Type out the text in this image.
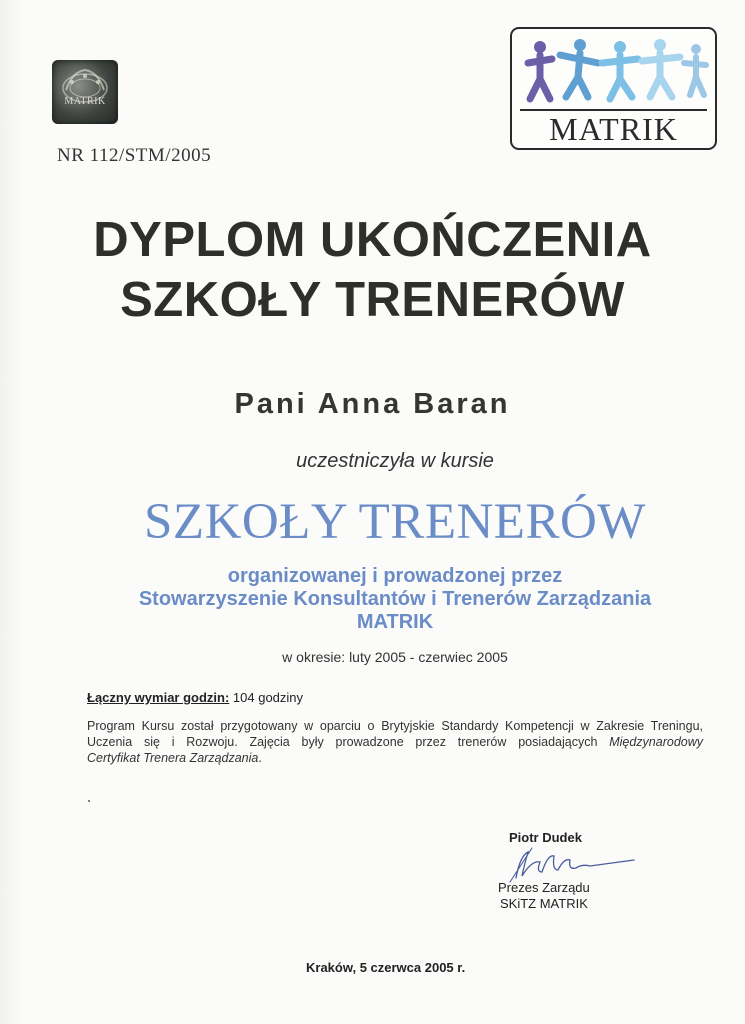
MATRIK
NR 112/STM/2005
MATRIK
DYPLOM UKOŃCZENIA
SZKOŁY TRENERÓW
Pani Anna Baran
uczestniczyła w kursie
SZKOŁY TRENERÓW
organizowanej i prowadzonej przez
Stowarzyszenie Konsultantów i Trenerów Zarządzania
MATRIK
w okresie: luty 2005 - czerwiec 2005
Łączny wymiar godzin: 104 godziny
Program Kursu został przygotowany w oparciu o Brytyjskie Standardy Kompetencji w Zakresie Treningu,
Uczenia się i Rozwoju. Zajęcia były prowadzone przez trenerów posiadających Międzynarodowy
Certyfikat Trenera Zarządzania.
Piotr Dudek
Prezes Zarządu
SKiTZ MATRIK
Kraków, 5 czerwca 2005 r.
